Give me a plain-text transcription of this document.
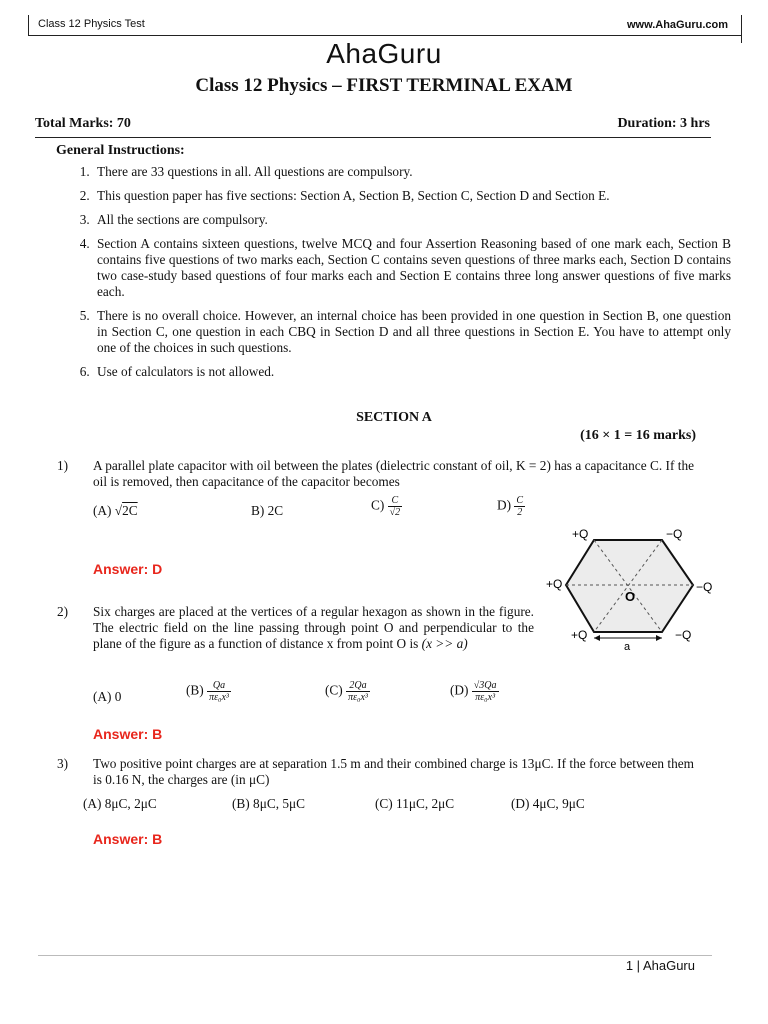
Class 12 Physics Test	www.AhaGuru.com
AhaGuru
Class 12 Physics – FIRST TERMINAL EXAM
Total Marks: 70	Duration: 3 hrs
General Instructions:
1. There are 33 questions in all. All questions are compulsory.
2. This question paper has five sections: Section A, Section B, Section C, Section D and Section E.
3. All the sections are compulsory.
4. Section A contains sixteen questions, twelve MCQ and four Assertion Reasoning based of one mark each, Section B contains five questions of two marks each, Section C contains seven questions of three marks each, Section D contains two case-study based questions of four marks each and Section E contains three long answer questions of five marks each.
5. There is no overall choice. However, an internal choice has been provided in one question in Section B, one question in Section C, one question in each CBQ in Section D and all three questions in Section E. You have to attempt only one of the choices in such questions.
6. Use of calculators is not allowed.
SECTION A
(16 × 1 = 16 marks)
1) A parallel plate capacitor with oil between the plates (dielectric constant of oil, K = 2) has a capacitance C. If the oil is removed, then capacitance of the capacitor becomes
(A) √2C	B) 2C	$C) \frac{C}{√2}$	$D) \frac{C}{2}$
Answer: D
+Q	−Q
+Q
O
−Q
+Q	−Q
a
2) Six charges are placed at the vertices of a regular hexagon as shown in the figure. The electric field on the line passing through point O and perpendicular to the plane of the figure as a function of distance x from point O is (x >> a)
(A) 0	$(B) \frac{Qa}{\text{πε₀x³}}$	$(C) \frac{2Qa}{\text{πε₀x³}}$	$(D) \frac{√3Qa}{\text{πε₀x³}}$
Answer: B
3) Two positive point charges are at separation 1.5 m and their combined charge is 13μC. If the force between them is 0.16 N, the charges are (in μC)
(A) 8μC, 2μC	(B) 8μC, 5μC	(C) 11μC, 2μC	(D) 4μC, 9μC
Answer: B
1 | AhaGuru
